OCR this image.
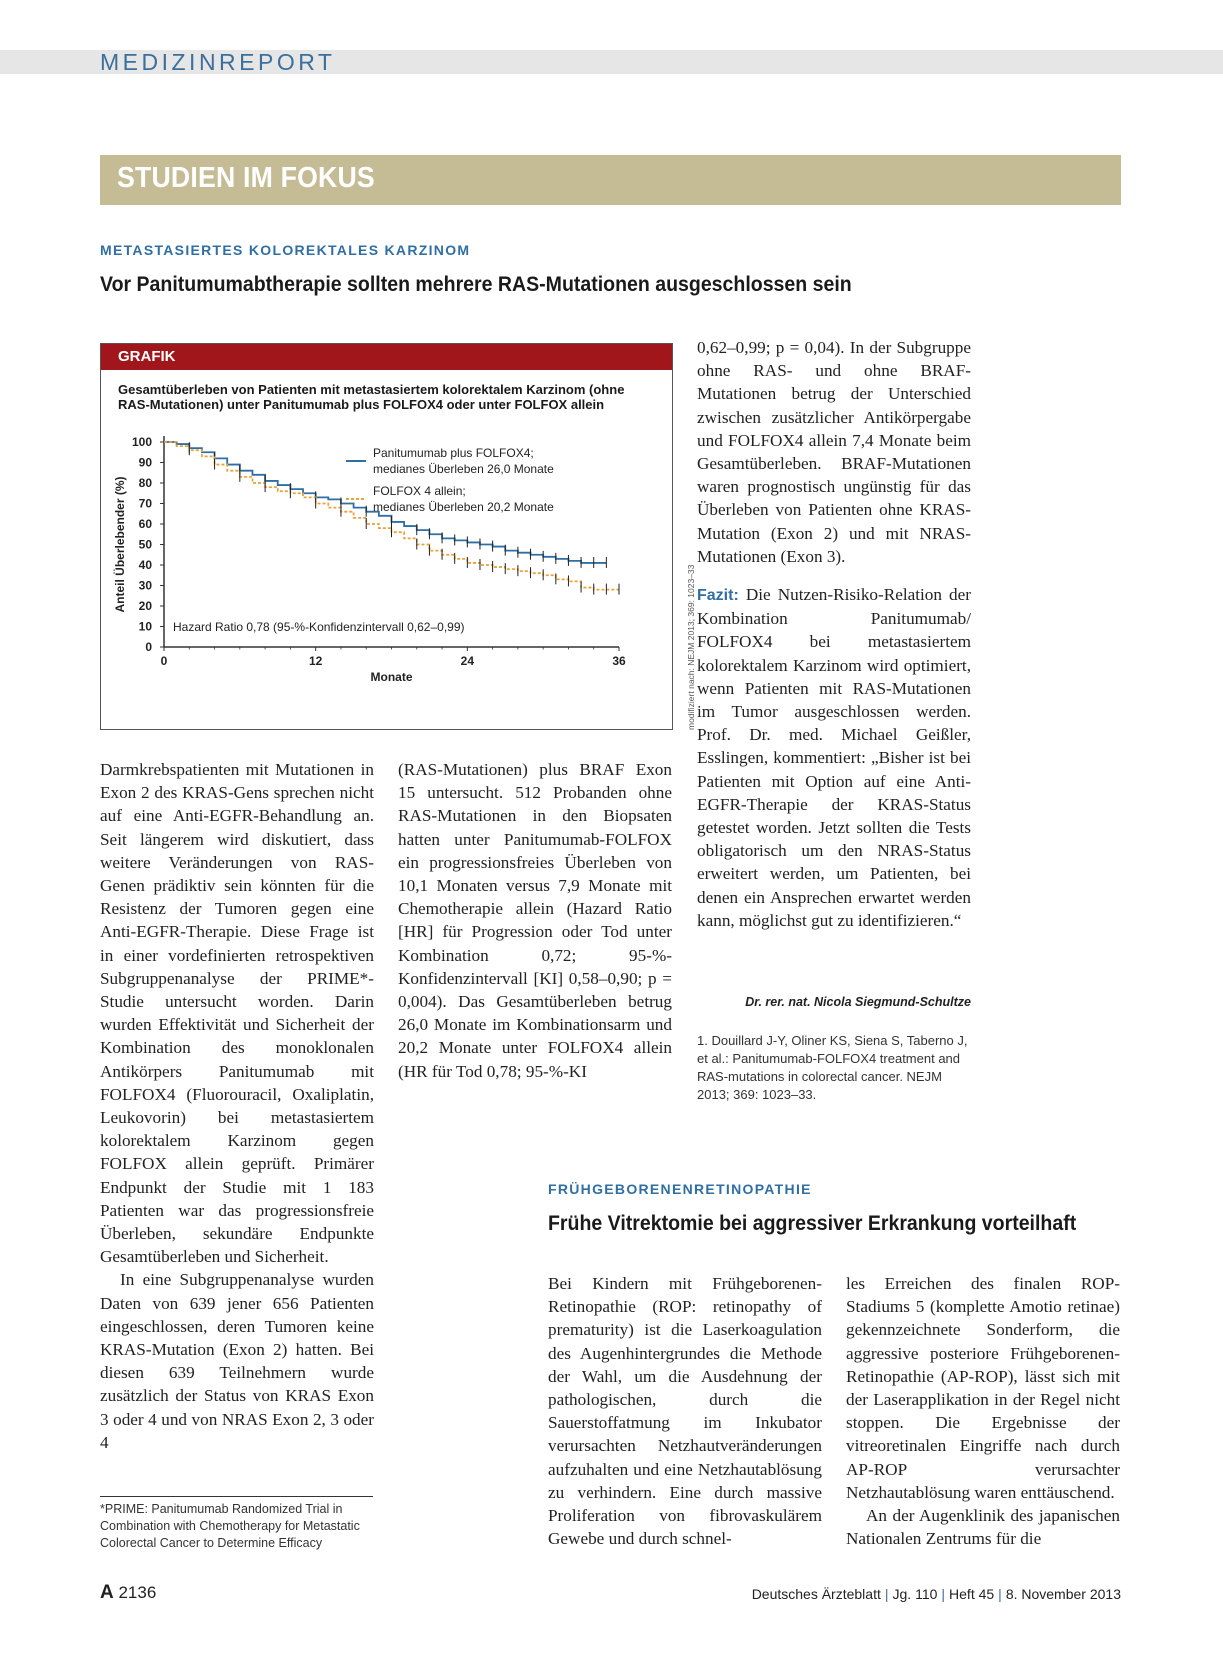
MEDIZINREPORT
STUDIEN IM FOKUS
METASTASIERTES KOLOREKTALES KARZINOM
Vor Panitumumabtherapie sollten mehrere RAS-Mutationen ausgeschlossen sein
GRAFIK
Gesamtüberleben von Patienten mit metastasiertem kolorektalem Karzinom (ohne RAS-Mutationen) unter Panitumumab plus FOLFOX4 oder unter FOLFOX allein
0
10
20
30
40
50
60
70
80
90
100
0	12	24	36
Monate
Anteil Überlebender (%)
Panitumumab plus FOLFOX4;
medianes Überleben 26,0 Monate
FOLFOX 4 allein;
medianes Überleben 20,2 Monate
Hazard Ratio 0,78 (95-%-Konfidenzintervall 0,62–0,99)	modifiziert nach: NEJM 2013; 369: 1023–33

Darmkrebspatienten mit Mutationen in Exon 2 des KRAS-Gens sprechen nicht auf eine Anti-EGFR-Behandlung an. Seit längerem wird diskutiert, dass weitere Veränderungen von RAS-Genen prädiktiv sein könnten für die Resistenz der Tumoren gegen eine Anti-EGFR-Therapie. Diese Frage ist in einer vordefinierten retrospektiven Subgruppenanalyse der PRIME*-Studie untersucht worden. Darin wurden Effektivität und Sicherheit der Kombination des monoklonalen Antikörpers Panitumumab mit FOLFOX4 (Fluorouracil, Oxaliplatin, Leukovorin) bei metastasiertem kolorektalem Karzinom gegen FOLFOX allein geprüft. Primärer Endpunkt der Studie mit 1 183 Patienten war das progressionsfreie Überleben, sekundäre Endpunkte Gesamtüberleben und Sicherheit.

In eine Subgruppenanalyse wurden Daten von 639 jener 656 Patienten eingeschlossen, deren Tumoren keine KRAS-Mutation (Exon 2) hatten. Bei diesen 639 Teilnehmern wurde zusätzlich der Status von KRAS Exon 3 oder 4 und von NRAS Exon 2, 3 oder 4

(RAS-Mutationen) plus BRAF Exon 15 untersucht. 512 Probanden ohne RAS-Mutationen in den Biopsaten hatten unter Panitumumab-FOLFOX ein progressionsfreies Überleben von 10,1 Monaten versus 7,9 Monate mit Chemotherapie allein (Hazard Ratio [HR] für Progression oder Tod unter Kombination 0,72; 95-%-Konfidenzintervall [KI] 0,58–0,90; p = 0,004). Das Gesamtüberleben betrug 26,0 Monate im Kombinationsarm und 20,2 Monate unter FOLFOX4 allein (HR für Tod 0,78; 95-%-KI

0,62–0,99; p = 0,04). In der Subgruppe ohne RAS- und ohne BRAF-Mutationen betrug der Unterschied zwischen zusätzlicher Antikörpergabe und FOLFOX4 allein 7,4 Monate beim Gesamtüberleben. BRAF-Mutationen waren prognostisch ungünstig für das Überleben von Patienten ohne KRAS-Mutation (Exon 2) und mit NRAS-Mutationen (Exon 3).

Fazit: Die Nutzen-Risiko-Relation der Kombination Panitumumab/ FOLFOX4 bei metastasiertem kolorektalem Karzinom wird optimiert, wenn Patienten mit RAS-Mutationen im Tumor ausgeschlossen werden. Prof. Dr. med. Michael Geißler, Esslingen, kommentiert: „Bisher ist bei Patienten mit Option auf eine Anti-EGFR-Therapie der KRAS-Status getestet worden. Jetzt sollten die Tests obligatorisch um den NRAS-Status erweitert werden, um Patienten, bei denen ein Ansprechen erwartet werden kann, möglichst gut zu identifizieren.“

Dr. rer. nat. Nicola Siegmund-Schultze
1. Douillard J-Y, Oliner KS, Siena S, Taberno J, et al.: Panitumumab-FOLFOX4 treatment and RAS-mutations in colorectal cancer. NEJM 2013; 369: 1023–33.
*PRIME: Panitumumab Randomized Trial in Combination with Chemotherapy for Metastatic Colorectal Cancer to Determine Efficacy
FRÜHGEBORENENRETINOPATHIE
Frühe Vitrektomie bei aggressiver Erkrankung vorteilhaft

Bei Kindern mit Frühgeborenen-Retinopathie (ROP: retinopathy of prematurity) ist die Laserkoagulation des Augenhintergrundes die Methode der Wahl, um die Ausdehnung der pathologischen, durch die Sauerstoffatmung im Inkubator verursachten Netzhautveränderungen aufzuhalten und eine Netzhautablösung zu verhindern. Eine durch massive Proliferation von fibrovaskulärem Gewebe und durch schnel-

les Erreichen des finalen ROP-Stadiums 5 (komplette Amotio retinae) gekennzeichnete Sonderform, die aggressive posteriore Frühgeborenen-Retinopathie (AP-ROP), lässt sich mit der Laserapplikation in der Regel nicht stoppen. Die Ergebnisse der vitreoretinalen Eingriffe nach durch AP-ROP verursachter Netzhautablösung waren enttäuschend.

An der Augenklinik des japanischen Nationalen Zentrums für die

A 2136	Deutsches Ärzteblatt | Jg. 110 | Heft 45 | 8. November 2013
